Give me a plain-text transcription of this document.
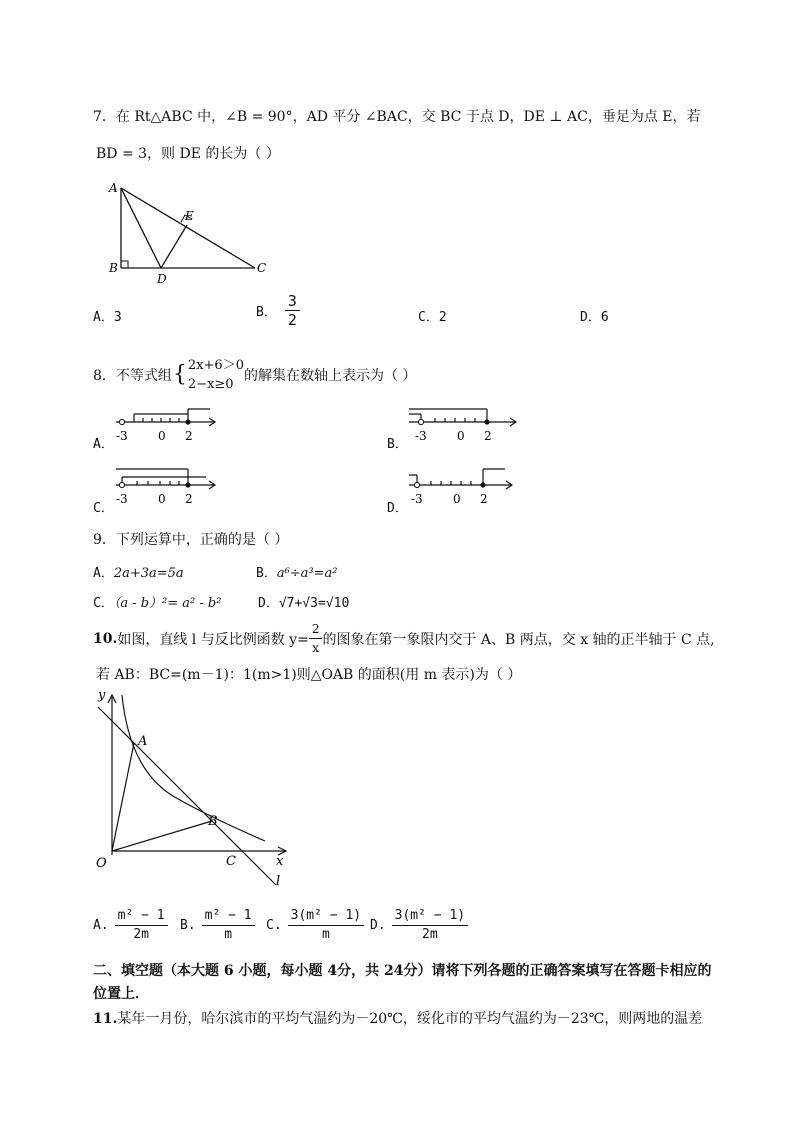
7．在 Rt△ABC 中，∠B = 90°，AD 平分 ∠BAC，交 BC 于点 D，DE ⊥ AC，垂足为点 E，若
BD = 3，则 DE 的长为（ ）
A
B	C
D
E
A．3	B． $\frac{3}{2}$	C．2	D．6
8． 不等式组 { 2x+6＞0
2−x≥0
的解集在数轴上表示为（ ）
A．
-3	0 2
B．
-3	0 2
C．
-3	0 2
D．
-3	0 2
9．下列运算中，正确的是（ ）
A．2a+3a=5a	B．a⁶÷a³=a²
C．（a - b）²= a² - b²	D．√7+√3=√10
10. 如图，直线 l 与反比例函数 $y= \frac{2}{x}$ 的图象在第一象限内交于 A、B 两点，交 x 轴的正半轴于 C 点,
若 AB：BC=(m－1)：1(m>1)则△OAB 的面积(用 m 表示)为（ ）
y
x
O
A
B
C
l
A. $\frac{\text{m² − 1}}{2m} B$. $\frac{\text{m² − 1}}{m} C$. $\frac{\text{3(m² − 1)}}{m} D$. $\frac{\text{3(m² − 1)}}{2m}$
二、填空题（本大题 6 小题，每小题 4分，共 24分）请将下列各题的正确答案填写在答题卡相应的
位置上．
11.某年一月份，哈尔滨市的平均气温约为－20℃，绥化市的平均气温约为－23℃，则两地的温差
